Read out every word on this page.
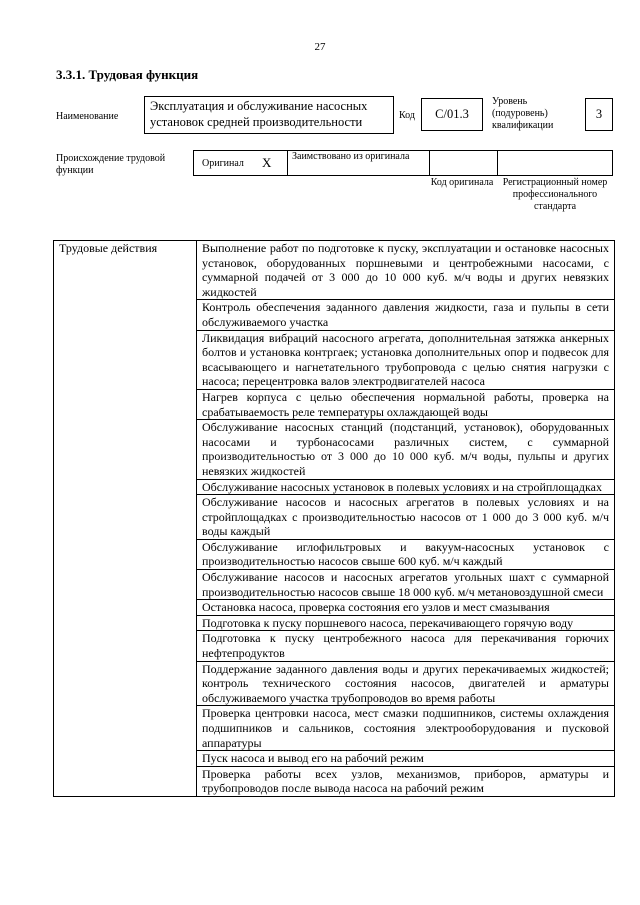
27
3.3.1. Трудовая функция
Наименование
Эксплуатация и обслуживание насосных установок средней производительности	Код	C/01.3
Уровень (подуровень) квалификации
3
Происхождение трудовой функции
Оригинал X Заимствовано из оригинала
Код оригинала Регистрационный номер профессионального стандарта
Трудовые действия	Выполнение работ по подготовке к пуску, эксплуатации и остановке насосных установок, оборудованных поршневыми и центробежными насосами, с суммарной подачей от 3 000 до 10 000 куб. м/ч воды и других невязких жидкостей
Контроль обеспечения заданного давления жидкости, газа и пульпы в сети обслуживаемого участка
Ликвидация вибраций насосного агрегата, дополнительная затяжка анкерных болтов и установка контргаек; установка дополнительных опор и подвесок для всасывающего и нагнетательного трубопровода с целью снятия нагрузки с насоса; перецентровка валов электродвигателей насоса
Нагрев корпуса с целью обеспечения нормальной работы, проверка на срабатываемость реле температуры охлаждающей воды
Обслуживание насосных станций (подстанций, установок), оборудованных насосами и турбонасосами различных систем, с суммарной производительностью от 3 000 до 10 000 куб. м/ч воды, пульпы и других невязких жидкостей
Обслуживание насосных установок в полевых условиях и на стройплощадках
Обслуживание насосов и насосных агрегатов в полевых условиях и на стройплощадках с производительностью насосов от 1 000 до 3 000 куб. м/ч воды каждый
Обслуживание иглофильтровых и вакуум-насосных установок с производительностью насосов свыше 600 куб. м/ч каждый
Обслуживание насосов и насосных агрегатов угольных шахт с суммарной производительностью насосов свыше 18 000 куб. м/ч метановоздушной смеси
Остановка насоса, проверка состояния его узлов и мест смазывания
Подготовка к пуску поршневого насоса, перекачивающего горячую воду
Подготовка к пуску центробежного насоса для перекачивания горючих нефтепродуктов
Поддержание заданного давления воды и других перекачиваемых жидкостей; контроль технического состояния насосов, двигателей и арматуры обслуживаемого участка трубопроводов во время работы
Проверка центровки насоса, мест смазки подшипников, системы охлаждения подшипников и сальников, состояния электрооборудования и пусковой аппаратуры
Пуск насоса и вывод его на рабочий режим
Проверка работы всех узлов, механизмов, приборов, арматуры и трубопроводов после вывода насоса на рабочий режим
